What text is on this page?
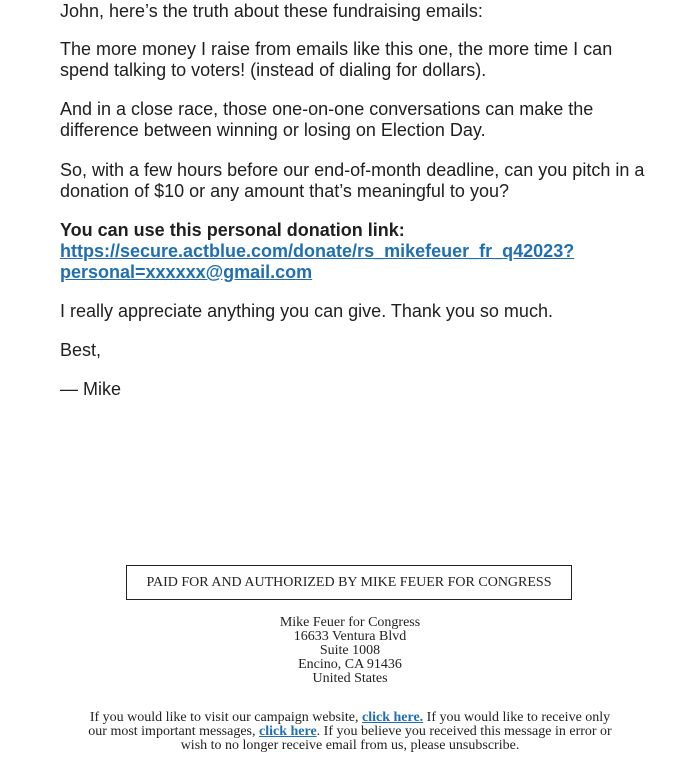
John, here’s the truth about these fundraising emails:

The more money I raise from emails like this one, the more time I can spend talking to voters! (instead of dialing for dollars).

And in a close race, those one-on-one conversations can make the difference between winning or losing on Election Day.

So, with a few hours before our end-of-month deadline, can you pitch in a donation of $10 or any amount that’s meaningful to you?

You can use this personal donation link:
https://secure.actblue.com/donate/rs_mikefeuer_fr_q42023?
personal=xxxxxx@gmail.com

I really appreciate anything you can give. Thank you so much.

Best,

— Mike

PAID FOR AND AUTHORIZED BY MIKE FEUER FOR CONGRESS
Mike Feuer for Congress
16633 Ventura Blvd
Suite 1008
Encino, CA 91436
United States
If you would like to visit our campaign website, click here. If you would like to receive only our most important messages, click here. If you believe you received this message in error or wish to no longer receive email from us, please unsubscribe.
